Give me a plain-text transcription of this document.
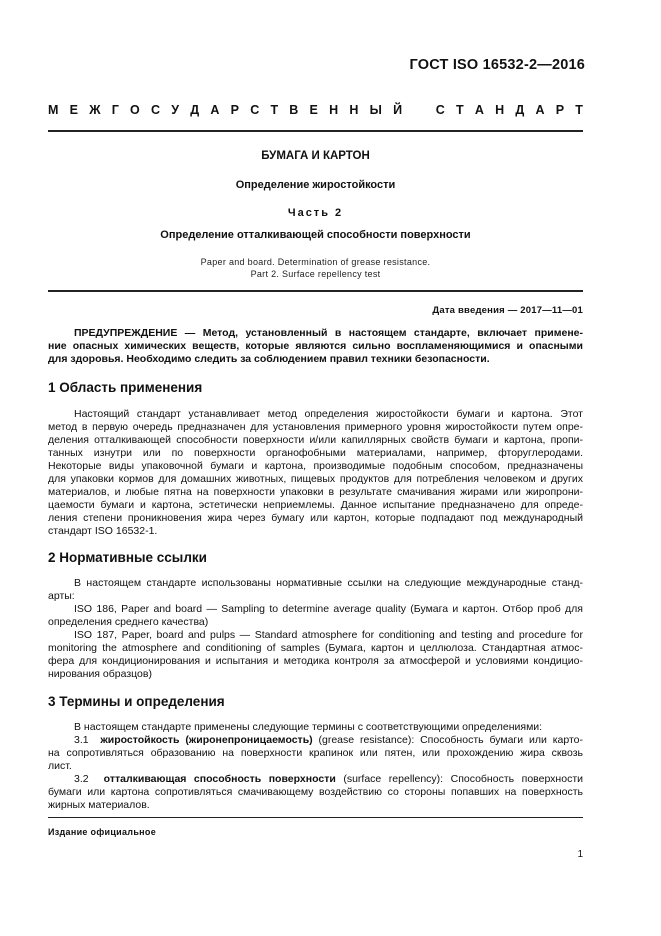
ГОСТ ISO 16532-2—2016
М Е Ж Г О С У Д А Р С Т В Е Н Н Ы Й	С Т А Н Д А Р Т
БУМАГА И КАРТОН
Определение жиростойкости
Часть 2
Определение отталкивающей способности поверхности
Paper and board. Determination of grease resistance.
Part 2. Surface repellency test
Дата введения — 2017—11—01
ПРЕДУПРЕЖДЕНИЕ — Метод, установленный в настоящем стандарте, включает примене-
ние опасных химических веществ, которые являются сильно воспламеняющимися и опасными
для здоровья. Необходимо следить за соблюдением правил техники безопасности.
1 Область применения
Настоящий стандарт устанавливает метод определения жиростойкости бумаги и картона. Этот
метод в первую очередь предназначен для установления примерного уровня жиростойкости путем опре-
деления отталкивающей способности поверхности и/или капиллярных свойств бумаги и картона, пропи-
танных изнутри или по поверхности органофобными материалами, например, фторуглеродами.
Некоторые виды упаковочной бумаги и картона, производимые подобным способом, предназначены
для упаковки кормов для домашних животных, пищевых продуктов для потребления человеком и других
материалов, и любые пятна на поверхности упаковки в результате смачивания жирами или жиропрони-
цаемости бумаги и картона, эстетически неприемлемы. Данное испытание предназначено для опреде-
ления степени проникновения жира через бумагу или картон, которые подпадают под международный
стандарт ISO 16532-1.
2 Нормативные ссылки
В настоящем стандарте использованы нормативные ссылки на следующие международные станд-
арты:
ISO 186, Paper and board — Sampling to determine average quality (Бумага и картон. Отбор проб для
определения среднего качества)
ISO 187, Paper, board and pulps — Standard atmosphere for conditioning and testing and procedure for
monitoring the atmosphere and conditioning of samples (Бумага, картон и целлюлоза. Стандартная атмос-
фера для кондиционирования и испытания и методика контроля за атмосферой и условиями кондицио-
нирования образцов)
3 Термины и определения
В настоящем стандарте применены следующие термины с соответствующими определениями:
3.1 жиростойкость (жиронепроницаемость) (grease resistance): Способность бумаги или карто-
на сопротивляться образованию на поверхности крапинок или пятен, или прохождению жира сквозь
лист.
3.2 отталкивающая способность поверхности (surface repellency): Способность поверхности
бумаги или картона сопротивляться смачивающему воздействию со стороны попавших на поверхность
жирных материалов.
Издание официальное
1
